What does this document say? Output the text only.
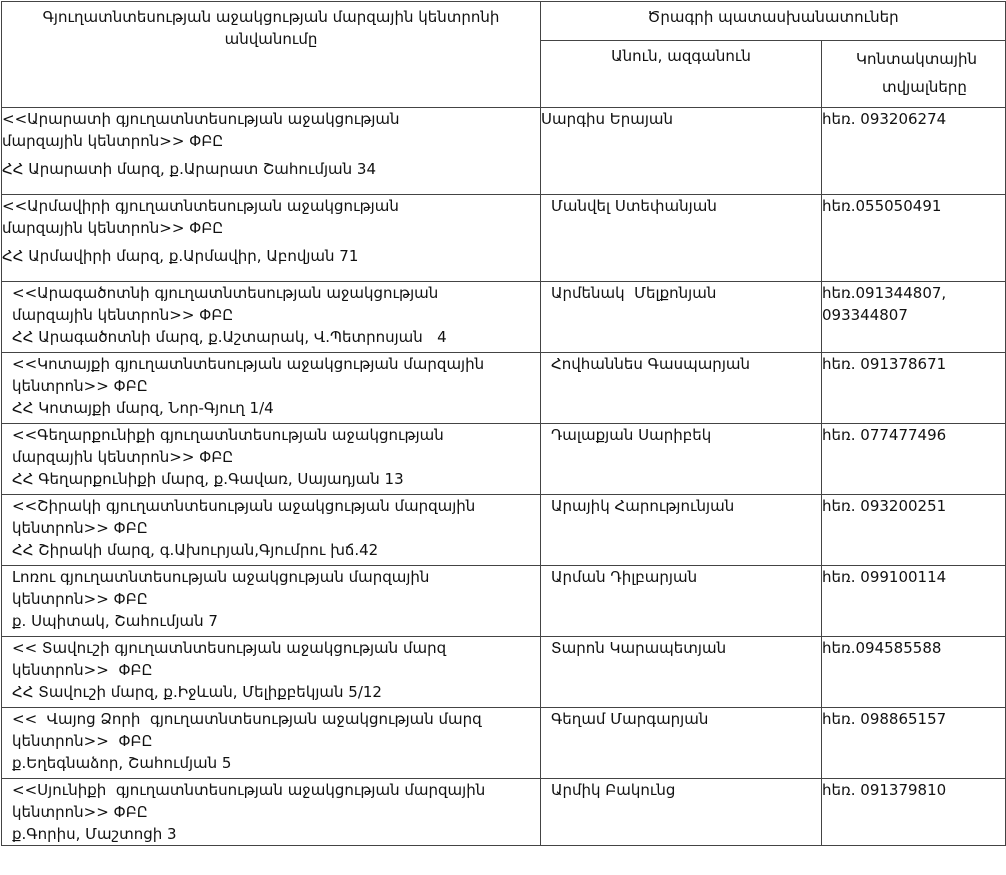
Գյուղատնտեսության աջակցության մարզային կենտրոնի անվանումը	Ծրագրի պատասխանատուներ	
	Անուն, ազգանուն	Կոնտակտային
տվյալները

<<Արարատի գյուղատնտեսության աջակցության
մարզային կենտրոն>> ՓԲԸ
ՀՀ Արարատի մարզ, ք.Արարատ Շահումյան 34	Սարգիս Երայան	հեռ. 093206274

<<Արմավիրի գյուղատնտեսության աջակցության
մարզային կենտրոն>> ՓԲԸ
ՀՀ Արմավիրի մարզ, ք.Արմավիր, Աբովյան 71	Մանվել Ստեփանյան	հեռ.055050491

<<Արագածոտնի գյուղատնտեսության աջակցության
մարզային կենտրոն>> ՓԲԸ
ՀՀ Արագածոտնի մարզ, ք.Աշտարակ, Վ.Պետրոսյան   4	Արմենակ  Մելքոնյան	հեռ.091344807,
093344807

<<Կոտայքի գյուղատնտեսության աջակցության մարզային
կենտրոն>> ՓԲԸ
ՀՀ Կոտայքի մարզ, Նոր-Գյուղ 1/4	Հովհաննես Գասպարյան	հեռ. 091378671

<<Գեղարքունիքի գյուղատնտեսության աջակցության
մարզային կենտրոն>> ՓԲԸ
ՀՀ Գեղարքունիքի մարզ, ք.Գավառ, Սայադյան 13	Դալաքյան Սարիբեկ	հեռ. 077477496

<<Շիրակի գյուղատնտեսության աջակցության մարզային
կենտրոն>> ՓԲԸ
ՀՀ Շիրակի մարզ, գ.Ախուրյան,Գյումրու խճ.42	Արայիկ Հարությունյան	հեռ. 093200251

Լոռու գյուղատնտեսության աջակցության մարզային
կենտրոն>> ՓԲԸ
ք. Սպիտակ, Շահումյան 7	Արման Դիլբարյան	հեռ. 099100114

<< Տավուշի գյուղատնտեսության աջակցության մարզ
կենտրոն>>  ՓԲԸ
ՀՀ Տավուշի մարզ, ք.Իջևան, Մելիքբեկյան 5/12	Տարոն Կարապետյան	հեռ.094585588

<<  Վայոց Ձորի  գյուղատնտեսության աջակցության մարզ
կենտրոն>>  ՓԲԸ
ք.Եղեգնաձոր, Շահումյան 5	Գեղամ Մարգարյան	հեռ. 098865157

<<Սյունիքի  գյուղատնտեսության աջակցության մարզային
կենտրոն>> ՓԲԸ
ք.Գորիս, Մաշտոցի 3	Արմիկ Բակունց	հեռ. 091379810
